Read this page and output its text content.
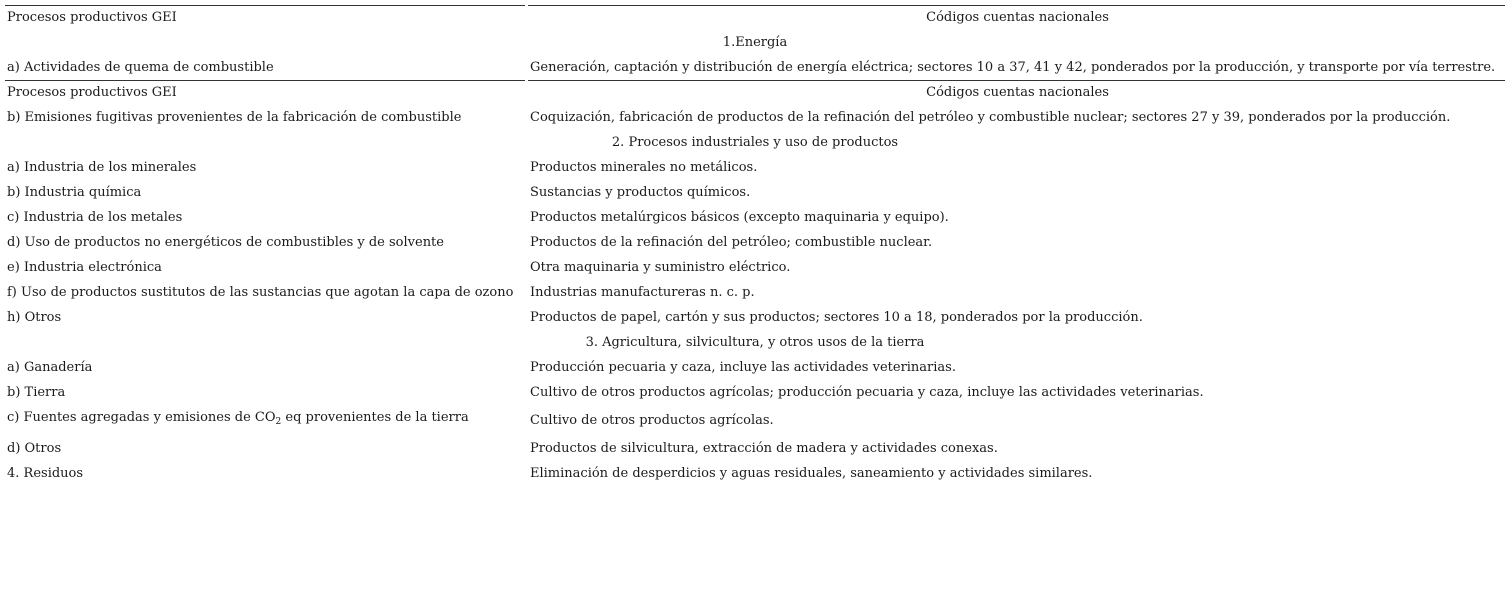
Procesos productivos GEI	Códigos cuentas nacionales
1.Energía
a) Actividades de quema de combustible	Generación, captación y distribución de energía eléctrica; sectores 10 a 37, 41 y 42, ponderados por la producción, y transporte por vía terrestre.
Procesos productivos GEI	Códigos cuentas nacionales
b) Emisiones fugitivas provenientes de la fabricación de combustible	Coquización, fabricación de productos de la refinación del petróleo y combustible nuclear; sectores 27 y 39, ponderados por la producción.
2. Procesos industriales y uso de productos
a) Industria de los minerales	Productos minerales no metálicos.
b) Industria química	Sustancias y productos químicos.
c) Industria de los metales	Productos metalúrgicos básicos (excepto maquinaria y equipo).
d) Uso de productos no energéticos de combustibles y de solvente	Productos de la refinación del petróleo; combustible nuclear.
e) Industria electrónica	Otra maquinaria y suministro eléctrico.
f) Uso de productos sustitutos de las sustancias que agotan la capa de ozono	Industrias manufactureras n. c. p.
h) Otros	Productos de papel, cartón y sus productos; sectores 10 a 18, ponderados por la producción.
3. Agricultura, silvicultura, y otros usos de la tierra
a) Ganadería	Producción pecuaria y caza, incluye las actividades veterinarias.
b) Tierra	Cultivo de otros productos agrícolas; producción pecuaria y caza, incluye las actividades veterinarias.
c) Fuentes agregadas y emisiones de $CO_2$ eq provenientes de la tierra	Cultivo de otros productos agrícolas.
d) Otros	Productos de silvicultura, extracción de madera y actividades conexas.
4. Residuos	Eliminación de desperdicios y aguas residuales, saneamiento y actividades similares.
